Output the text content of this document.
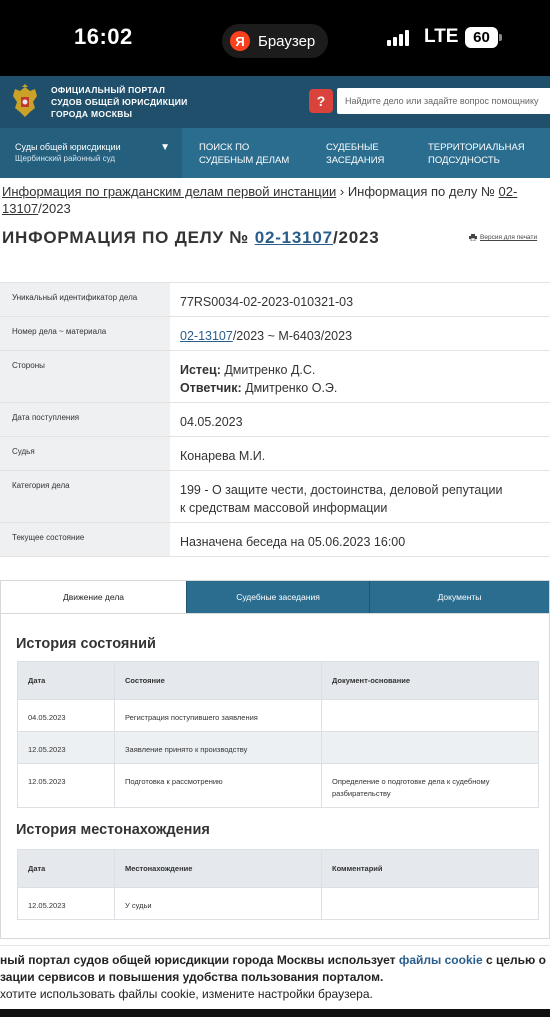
16:02	Я Браузер	LTE 60
ОФИЦИАЛЬНЫЙ ПОРТАЛ
СУДОВ ОБЩЕЙ ЮРИСДИКЦИИ
ГОРОДА МОСКВЫ
?
Найдите дело или задайте вопрос помощнику
Суды общей юрисдикции
Щербинский районный суд
▼	ПОИСК ПО
СУДЕБНЫМ ДЕЛАМ
СУДЕБНЫЕ
ЗАСЕДАНИЯ
ТЕРРИТОРИАЛЬНАЯ
ПОДСУДНОСТЬ
Информация по гражданским делам первой инстанции › Информация по делу № 02-13107/2023
ИНФОРМАЦИЯ ПО ДЕЛУ № 02-13107/2023	Версия для печати
Уникальный идентификатор дела	77RS0034-02-2023-010321-03
Номер дела ~ материала	02-13107/2023 ~ М-6403/2023
Стороны	Истец: Дмитренко Д.С.
Ответчик: Дмитренко О.Э.
Дата поступления	04.05.2023
Судья	Конарева М.И.
Категория дела	199 - О защите чести, достоинства, деловой репутации
к средствам массовой информации
Текущее состояние	Назначена беседа на 05.06.2023 16:00
Движение дела	Судебные заседания	Документы
История состояний
Дата	Состояние	Документ-основание
04.05.2023	Регистрация поступившего заявления	
12.05.2023	Заявление принято к производству	
12.05.2023	Подготовка к рассмотрению	Определение о подготовке дела к судебному разбирательству
История местонахождения
Дата	Местонахождение	Комментарий
12.05.2023	У судьи	
ный портал судов общей юрисдикции города Москвы использует файлы cookie с целью о
зации сервисов и повышения удобства пользования порталом.
хотите использовать файлы cookie, измените настройки браузера.
